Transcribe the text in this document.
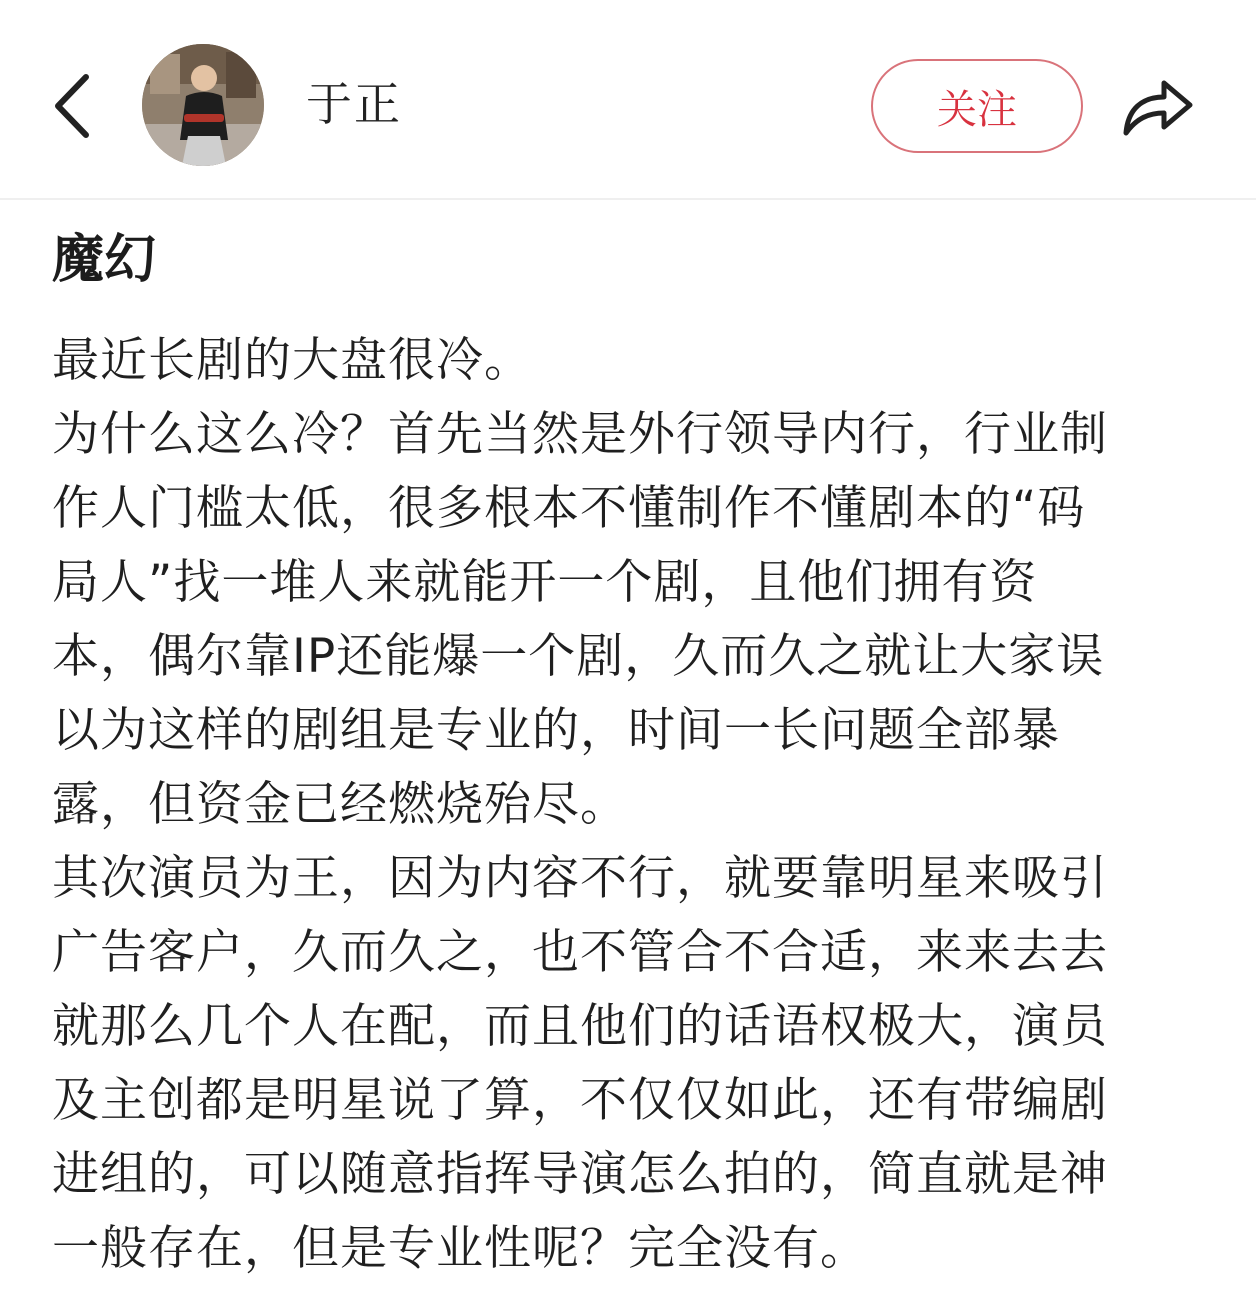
于正	关注
魔幻
最近长剧的大盘很冷。
为什么这么冷？首先当然是外行领导内行，行业制
作人门槛太低，很多根本不懂制作不懂剧本的“码
局人”找一堆人来就能开一个剧，且他们拥有资
本，偶尔靠IP还能爆一个剧，久而久之就让大家误
以为这样的剧组是专业的，时间一长问题全部暴
露，但资金已经燃烧殆尽。
其次演员为王，因为内容不行，就要靠明星来吸引
广告客户，久而久之，也不管合不合适，来来去去
就那么几个人在配，而且他们的话语权极大，演员
及主创都是明星说了算，不仅仅如此，还有带编剧
进组的，可以随意指挥导演怎么拍的，简直就是神
一般存在，但是专业性呢？完全没有。
